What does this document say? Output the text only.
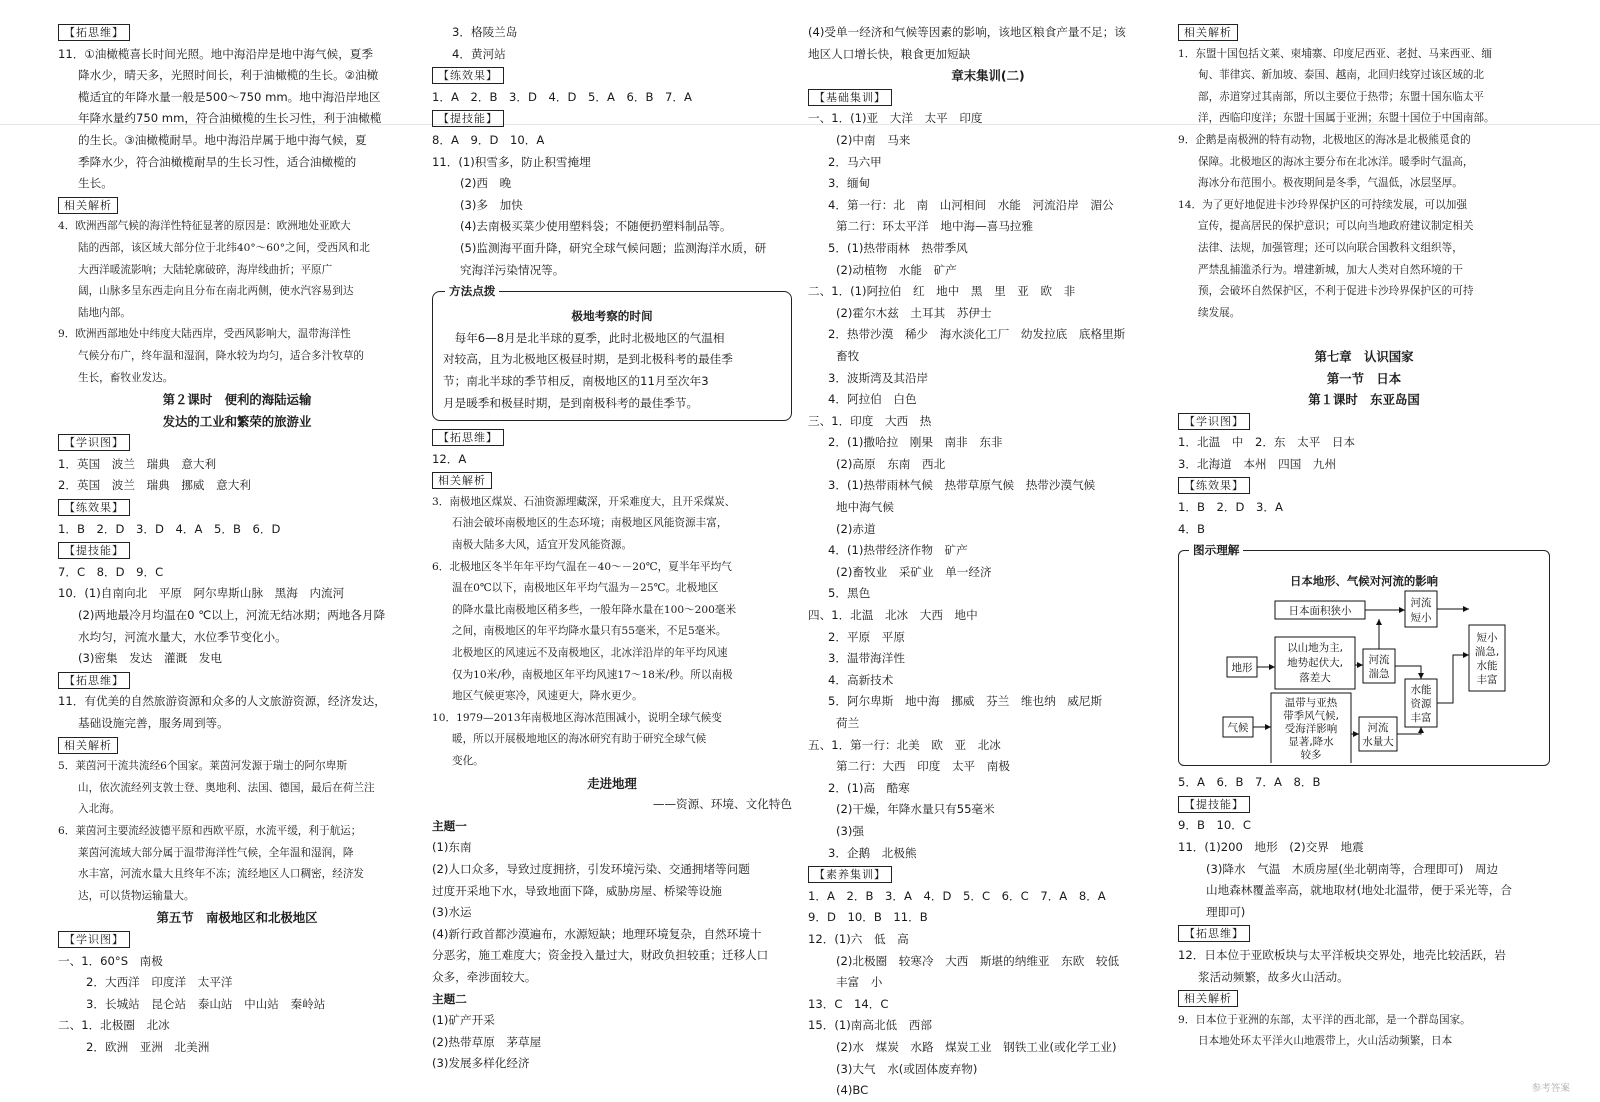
【拓思维】
11．①油橄榄喜长时间光照。地中海沿岸是地中海气候，夏季
降水少，晴天多，光照时间长，利于油橄榄的生长。②油橄
榄适宜的年降水量一般是500～750 mm。地中海沿岸地区
年降水量约750 mm，符合油橄榄的生长习性，利于油橄榄
的生长。③油橄榄耐旱。地中海沿岸属于地中海气候，夏
季降水少，符合油橄榄耐旱的生长习性，适合油橄榄的
生长。
相关解析
4．欧洲西部气候的海洋性特征显著的原因是：欧洲地处亚欧大
陆的西部，该区域大部分位于北纬40°～60°之间，受西风和北
大西洋暖流影响；大陆轮廓破碎，海岸线曲折；平原广
阔，山脉多呈东西走向且分布在南北两侧，使水汽容易到达
陆地内部。
9．欧洲西部地处中纬度大陆西岸，受西风影响大，温带海洋性
气候分布广，终年温和湿润，降水较为均匀，适合多汁牧草的
生长，畜牧业发达。
第２课时　便利的海陆运输
发达的工业和繁荣的旅游业
【学识图】
1．英国　波兰　瑞典　意大利
2．英国　波兰　瑞典　挪威　意大利
【练效果】
1．B　2．D　3．D　4．A　5．B　6．D
【提技能】
7．C　8．D　9．C
10．(1)自南向北　平原　阿尔卑斯山脉　黑海　内流河
(2)两地最冷月均温在0 ℃以上，河流无结冰期；两地各月降
水均匀，河流水量大，水位季节变化小。
(3)密集　发达　灌溉　发电
【拓思维】
11．有优美的自然旅游资源和众多的人文旅游资源，经济发达，
基础设施完善，服务周到等。
相关解析
5．莱茵河干流共流经6个国家。莱茵河发源于瑞士的阿尔卑斯
山，依次流经列支敦士登、奥地利、法国、德国，最后在荷兰注
入北海。
6．莱茵河主要流经波德平原和西欧平原，水流平缓，利于航运；
莱茵河流域大部分属于温带海洋性气候，全年温和湿润，降
水丰富，河流水量大且终年不冻；流经地区人口稠密，经济发
达，可以货物运输量大。
第五节　南极地区和北极地区
【学识图】
一、1．60°S　南极
2．大西洋　印度洋　太平洋
3．长城站　昆仑站　泰山站　中山站　秦岭站
二、1．北极圈　北冰
2．欧洲　亚洲　北美洲
3．格陵兰岛
4．黄河站
【练效果】
1．A　2．B　3．D　4．D　5．A　6．B　7．A
【提技能】
8．A　9．D　10．A
11．(1)积雪多，防止积雪掩埋
(2)西　晚
(3)多　加快
(4)去南极买菜少使用塑料袋；不随便扔塑料制品等。
(5)监测海平面升降，研究全球气候问题；监测海洋水质，研
究海洋污染情况等。
方法点拨
极地考察的时间
　每年6—8月是北半球的夏季，此时北极地区的气温相
对较高，且为北极地区极昼时期，是到北极科考的最佳季
节；南北半球的季节相反，南极地区的11月至次年3
月是暖季和极昼时期，是到南极科考的最佳季节。
【拓思维】
12．A
相关解析
3．南极地区煤炭、石油资源埋藏深，开采难度大，且开采煤炭、
石油会破坏南极地区的生态环境；南极地区风能资源丰富，
南极大陆多大风，适宜开发风能资源。
6．北极地区冬半年年平均气温在－40～－20℃，夏半年平均气
温在0℃以下，南极地区年平均气温为－25℃。北极地区
的降水量比南极地区稍多些，一般年降水量在100～200毫米
之间，南极地区的年平均降水量只有55毫米，不足5毫米。
北极地区的风速远不及南极地区，北冰洋沿岸的年平均风速
仅为10米/秒，南极地区年平均风速17～18米/秒。所以南极
地区气候更寒冷，风速更大，降水更少。
10．1979—2013年南极地区海冰范围减小，说明全球气候变
暖，所以开展极地地区的海冰研究有助于研究全球气候
变化。
走进地理
——资源、环境、文化特色
主题一
(1)东南
(2)人口众多，导致过度拥挤，引发环境污染、交通拥堵等问题
过度开采地下水，导致地面下降，威胁房屋、桥梁等设施
(3)水运
(4)新行政首都沙漠遍布，水源短缺；地理环境复杂，自然环境十
分恶劣，施工难度大；资金投入量过大，财政负担较重；迁移人口
众多，牵涉面较大。
主题二
(1)矿产开采
(2)热带草原　茅草屋
(3)发展多样化经济
(4)受单一经济和气候等因素的影响，该地区粮食产量不足；该
地区人口增长快，粮食更加短缺
章末集训(二)
【基础集训】
一、1．(1)亚　大洋　太平　印度
(2)中南　马来
2．马六甲
3．缅甸
4．第一行：北　南　山河相间　水能　河流沿岸　湄公
第二行：环太平洋　地中海—喜马拉雅
5．(1)热带雨林　热带季风
(2)动植物　水能　矿产
二、1．(1)阿拉伯　红　地中　黑　里　亚　欧　非
(2)霍尔木兹　土耳其　苏伊士
2．热带沙漠　稀少　海水淡化工厂　幼发拉底　底格里斯
畜牧
3．波斯湾及其沿岸
4．阿拉伯　白色
三、1．印度　大西　热
2．(1)撒哈拉　刚果　南非　东非
(2)高原　东南　西北
3．(1)热带雨林气候　热带草原气候　热带沙漠气候
地中海气候
(2)赤道
4．(1)热带经济作物　矿产
(2)畜牧业　采矿业　单一经济
5．黑色
四、1．北温　北冰　大西　地中
2．平原　平原
3．温带海洋性
4．高新技术
5．阿尔卑斯　地中海　挪威　芬兰　维也纳　威尼斯
荷兰
五、1．第一行：北美　欧　亚　北冰
第二行：大西　印度　太平　南极
2．(1)高　酷寒
(2)干燥，年降水量只有55毫米
(3)强
3．企鹅　北极熊
【素养集训】
1．A　2．B　3．A　4．D　5．C　6．C　7．A　8．A
9．D　10．B　11．B
12．(1)六　低　高
(2)北极圈　较寒冷　大西　斯堪的纳维亚　东欧　较低
丰富　小
13．C　14．C
15．(1)南高北低　西部
(2)水　煤炭　水路　煤炭工业　钢铁工业(或化学工业)
(3)大气　水(或固体废弃物)
(4)BC
相关解析
1．东盟十国包括文莱、柬埔寨、印度尼西亚、老挝、马来西亚、缅
甸、菲律宾、新加坡、泰国、越南，北回归线穿过该区域的北
部，赤道穿过其南部，所以主要位于热带；东盟十国东临太平
洋，西临印度洋；东盟十国属于亚洲；东盟十国位于中国南部。
9．企鹅是南极洲的特有动物，北极地区的海冰是北极熊觅食的
保障。北极地区的海冰主要分布在北冰洋。暖季时气温高，
海冰分布范围小。极夜期间是冬季，气温低，冰层坚厚。
14．为了更好地促进卡沙玲界保护区的可持续发展，可以加强
宣传，提高居民的保护意识；可以向当地政府建议制定相关
法律、法规，加强管理；还可以向联合国教科文组织等，
严禁乱捕滥杀行为。增建新城，加大人类对自然环境的干
预，会破坏自然保护区，不利于促进卡沙玲界保护区的可持
续发展。

第七章　认识国家
第一节　日本
第１课时　东亚岛国
【学识图】
1．北温　中　2．东　太平　日本
3．北海道　本州　四国　九州
【练效果】
1．B　2．D　3．A
4．B
图示理解
日本地形、气候对河流的影响
日本面积狭小
河流
短小
短小
湍急,
水能
丰富
地形
以山地为主,
地势起伏大,
落差大
河流
湍急
水能
资源
丰富
气候
温带与亚热
带季风气候,
受海洋影响
显著,降水
较多
河流
水量大
5．A　6．B　7．A　8．B
【提技能】
9．B　10．C
11．(1)200　地形　(2)交界　地震
(3)降水　气温　木质房屋(坐北朝南等，合理即可)　周边
山地森林覆盖率高，就地取材(地处北温带，便于采光等，合
理即可)
【拓思维】
12．日本位于亚欧板块与太平洋板块交界处，地壳比较活跃，岩
浆活动频繁，故多火山活动。
相关解析
9．日本位于亚洲的东部，太平洋的西北部，是一个群岛国家。
日本地处环太平洋火山地震带上，火山活动频繁，日本
参考答案
